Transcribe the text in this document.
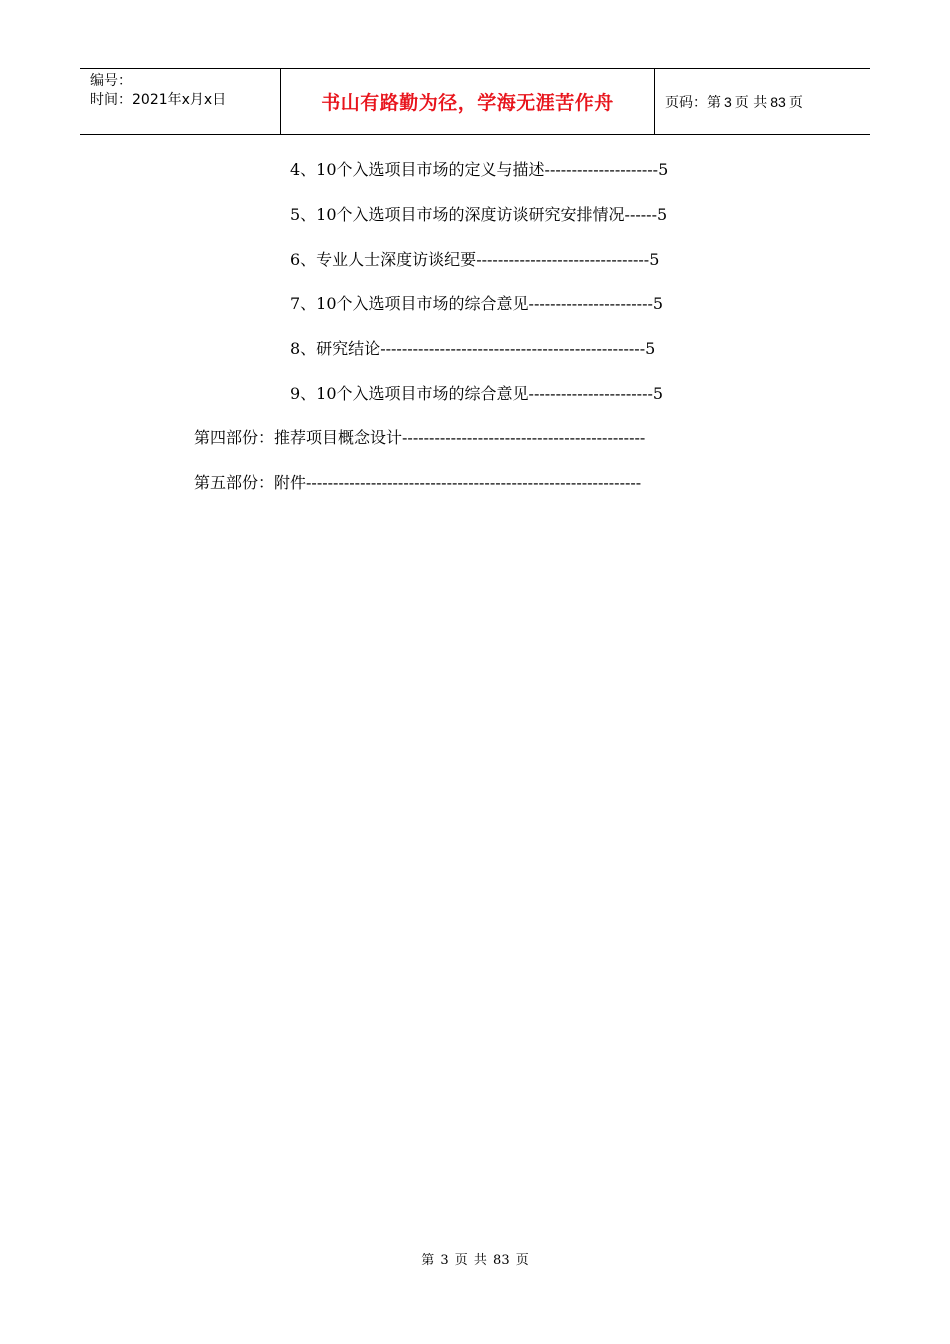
编号：
时间：2021年x月x日	书山有路勤为径，学海无涯苦作舟	页码：第 3 页 共 83 页
4、10个入选项目市场的定义与描述---------------------5
5、10个入选项目市场的深度访谈研究安排情况------5
6、专业人士深度访谈纪要--------------------------------5
7、10个入选项目市场的综合意见-----------------------5
8、研究结论-------------------------------------------------5
9、10个入选项目市场的综合意见-----------------------5
第四部份：推荐项目概念设计---------------------------------------------
第五部份：附件--------------------------------------------------------------
第 3 页 共 83 页
